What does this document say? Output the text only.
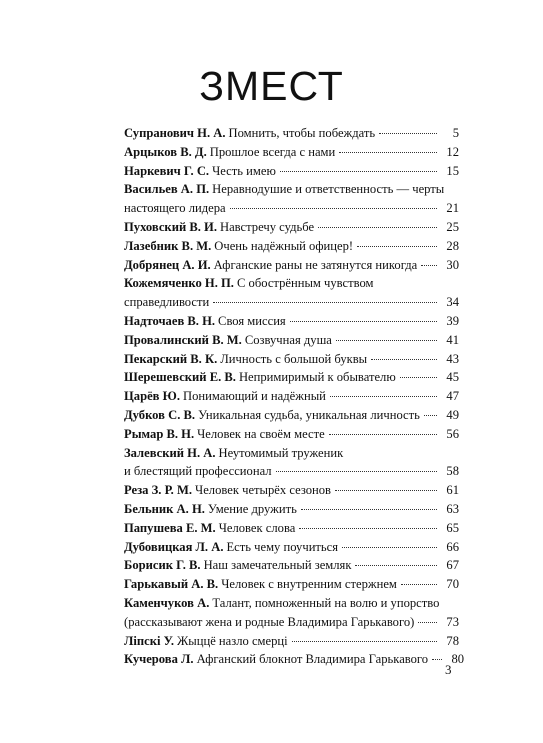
ЗМЕСТ
Супранович Н. А. Помнить, чтобы побеждать	5
Арцыков В. Д. Прошлое всегда с нами	12
Наркевич Г. С. Честь имею	15
Васильев А. П. Неравнодушие и ответственность — черты
настоящего лидера	21
Пуховский В. И. Навстречу судьбе	25
Лазебник В. М. Очень надёжный офицер!	28
Добрянец А. И. Афганские раны не затянутся никогда	30
Кожемяченко Н. П. С обострённым чувством
справедливости	34
Надточаев В. Н. Своя миссия	39
Провалинский В. М. Созвучная душа	41
Пекарский В. К. Личность с большой буквы	43
Шерешевский Е. В. Непримиримый к обывателю	45
Царёв Ю. Понимающий и надёжный	47
Дубков С. В. Уникальная судьба, уникальная личность	49
Рымар В. Н. Человек на своём месте	56
Залевский Н. А. Неутомимый труженик
и блестящий профессионал	58
Реза З. Р. М. Человек четырёх сезонов	61
Бельник А. Н. Умение дружить	63
Папушева Е. М. Человек слова	65
Дубовицкая Л. А. Есть чему поучиться	66
Борисик Г. В. Наш замечательный земляк	67
Гарькавый А. В. Человек с внутренним стержнем	70
Каменчуков А. Талант, помноженный на волю и упорство
(рассказывают жена и родные Владимира Гарькавого)	73
Лiпскi У. Жыццё назло смерцi	78
Кучерова Л. Афганский блокнот Владимира Гарькавого	80
3
